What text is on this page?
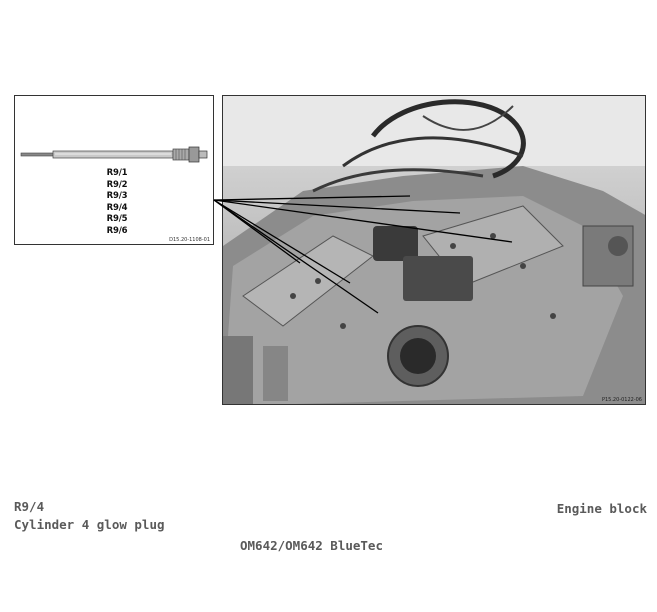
R9/1
R9/2
R9/3
R9/4
R9/5
R9/6
D15.20-1108-01
P15.20-0122-06
R9/4
Cylinder 4 glow plug
Engine block
OM642/OM642 BlueTec
